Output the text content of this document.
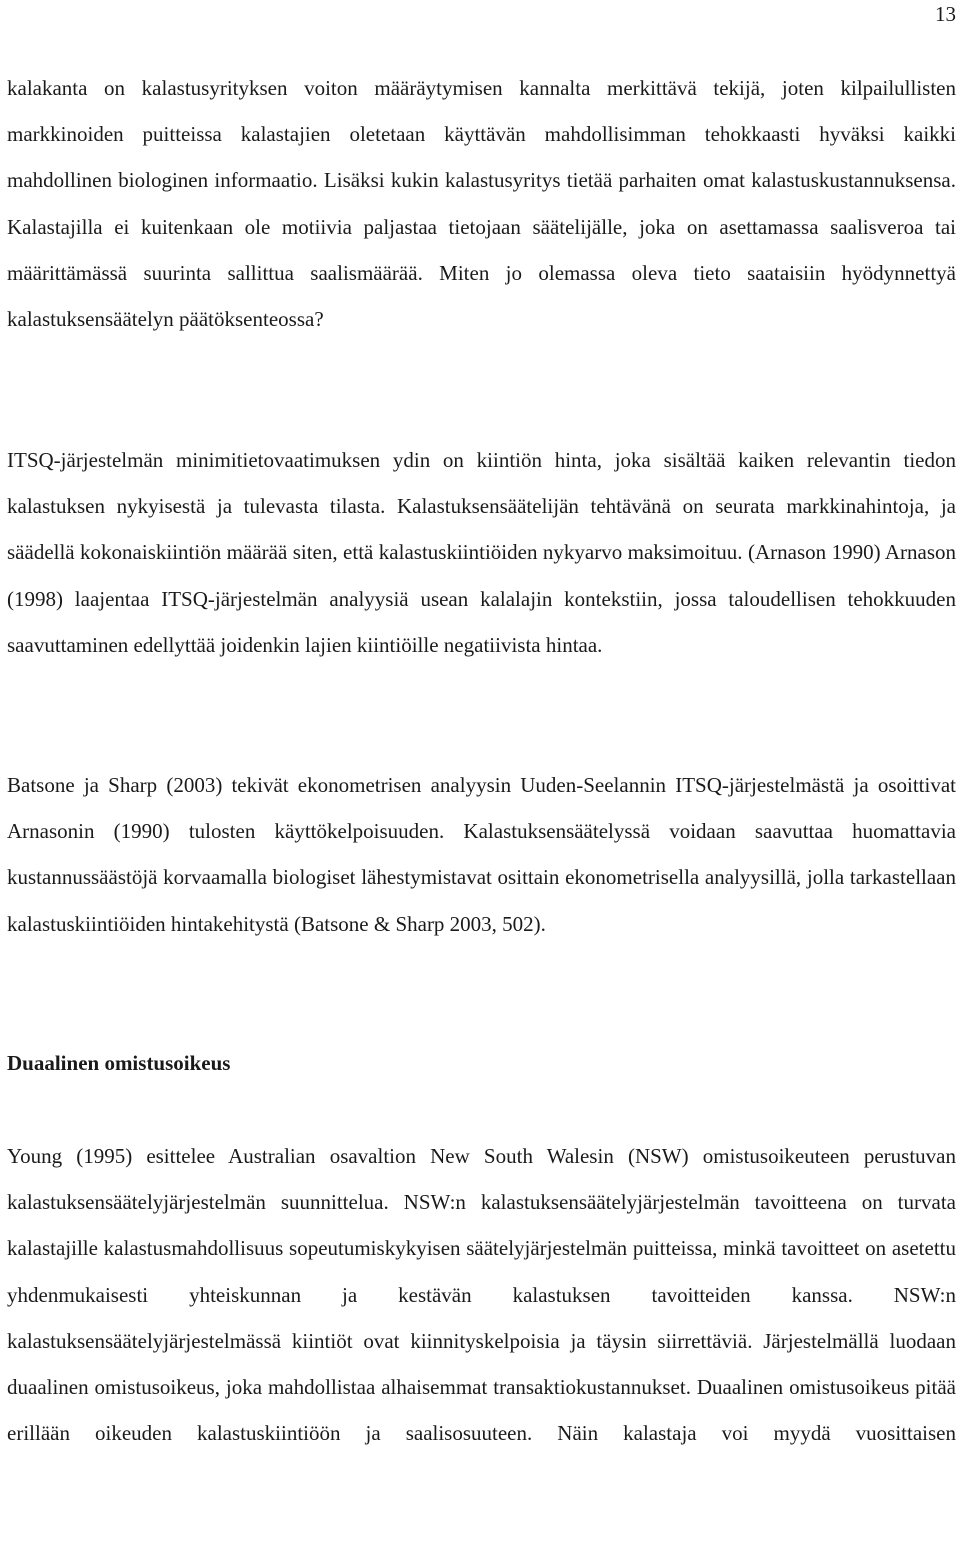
13

kalakanta on kalastusyrityksen voiton määräytymisen kannalta merkittävä tekijä, joten kilpailullisten markkinoiden puitteissa kalastajien oletetaan käyttävän mahdollisimman tehokkaasti hyväksi kaikki mahdollinen biologinen informaatio. Lisäksi kukin kalastusyritys tietää parhaiten omat kalastuskustannuksensa. Kalastajilla ei kuitenkaan ole motiivia paljastaa tietojaan säätelijälle, joka on asettamassa saalisveroa tai määrittämässä suurinta sallittua saalismäärää. Miten jo olemassa oleva tieto saataisiin hyödynnettyä kalastuksensäätelyn päätöksenteossa?

ITSQ-järjestelmän minimitietovaatimuksen ydin on kiintiön hinta, joka sisältää kaiken relevantin tiedon kalastuksen nykyisestä ja tulevasta tilasta. Kalastuksensäätelijän tehtävänä on seurata markkinahintoja, ja säädellä kokonaiskiintiön määrää siten, että kalastuskiintiöiden nykyarvo maksimoituu. (Arnason 1990) Arnason (1998) laajentaa ITSQ-järjestelmän analyysiä usean kalalajin kontekstiin, jossa taloudellisen tehokkuuden saavuttaminen edellyttää joidenkin lajien kiintiöille negatiivista hintaa.

Batsone ja Sharp (2003) tekivät ekonometrisen analyysin Uuden-Seelannin ITSQ-järjestelmästä ja osoittivat Arnasonin (1990) tulosten käyttökelpoisuuden. Kalastuksensäätelyssä voidaan saavuttaa huomattavia kustannussäästöjä korvaamalla biologiset lähestymistavat osittain ekonometrisella analyysillä, jolla tarkastellaan kalastuskiintiöiden hintakehitystä (Batsone & Sharp 2003, 502).

Duaalinen omistusoikeus

Young (1995) esittelee Australian osavaltion New South Walesin (NSW) omistusoikeuteen perustuvan kalastuksensäätelyjärjestelmän suunnittelua. NSW:n kalastuksensäätelyjärjestelmän tavoitteena on turvata kalastajille kalastusmahdollisuus sopeutumiskykyisen säätelyjärjestelmän puitteissa, minkä tavoitteet on asetettu yhdenmukaisesti yhteiskunnan ja kestävän kalastuksen tavoitteiden kanssa. NSW:n kalastuksensäätelyjärjestelmässä kiintiöt ovat kiinnityskelpoisia ja täysin siirrettäviä. Järjestelmällä luodaan duaalinen omistusoikeus, joka mahdollistaa alhaisemmat transaktiokustannukset. Duaalinen omistusoikeus pitää erillään oikeuden kalastuskiintiöön ja saalisosuuteen. Näin kalastaja voi myydä vuosittaisen
